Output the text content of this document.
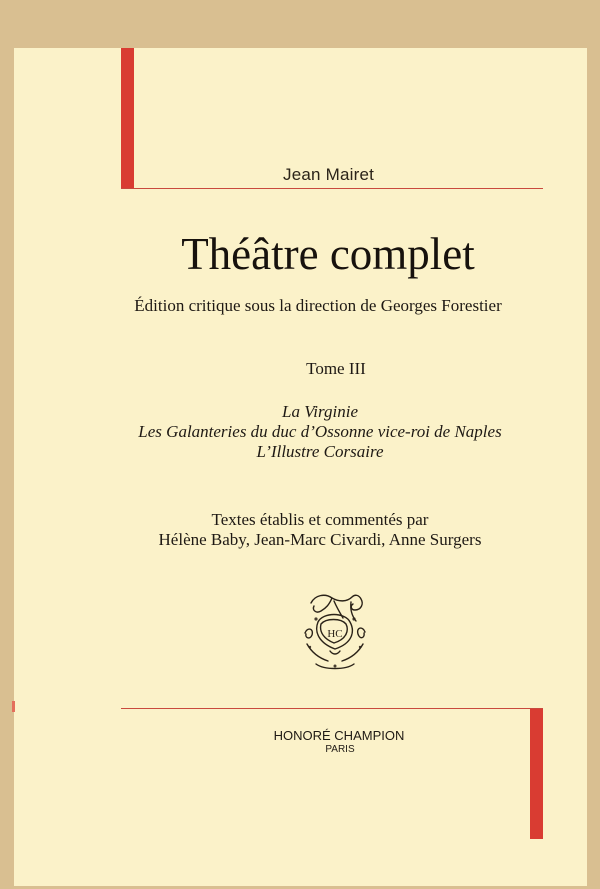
Jean Mairet
Théâtre complet
Édition critique sous la direction de Georges Forestier
Tome III
La Virginie
Les Galanteries du duc d’Ossonne vice-roi de Naples
L’Illustre Corsaire
Textes établis et commentés par
Hélène Baby, Jean-Marc Civardi, Anne Surgers
HC
HONORÉ CHAMPION
PARIS
